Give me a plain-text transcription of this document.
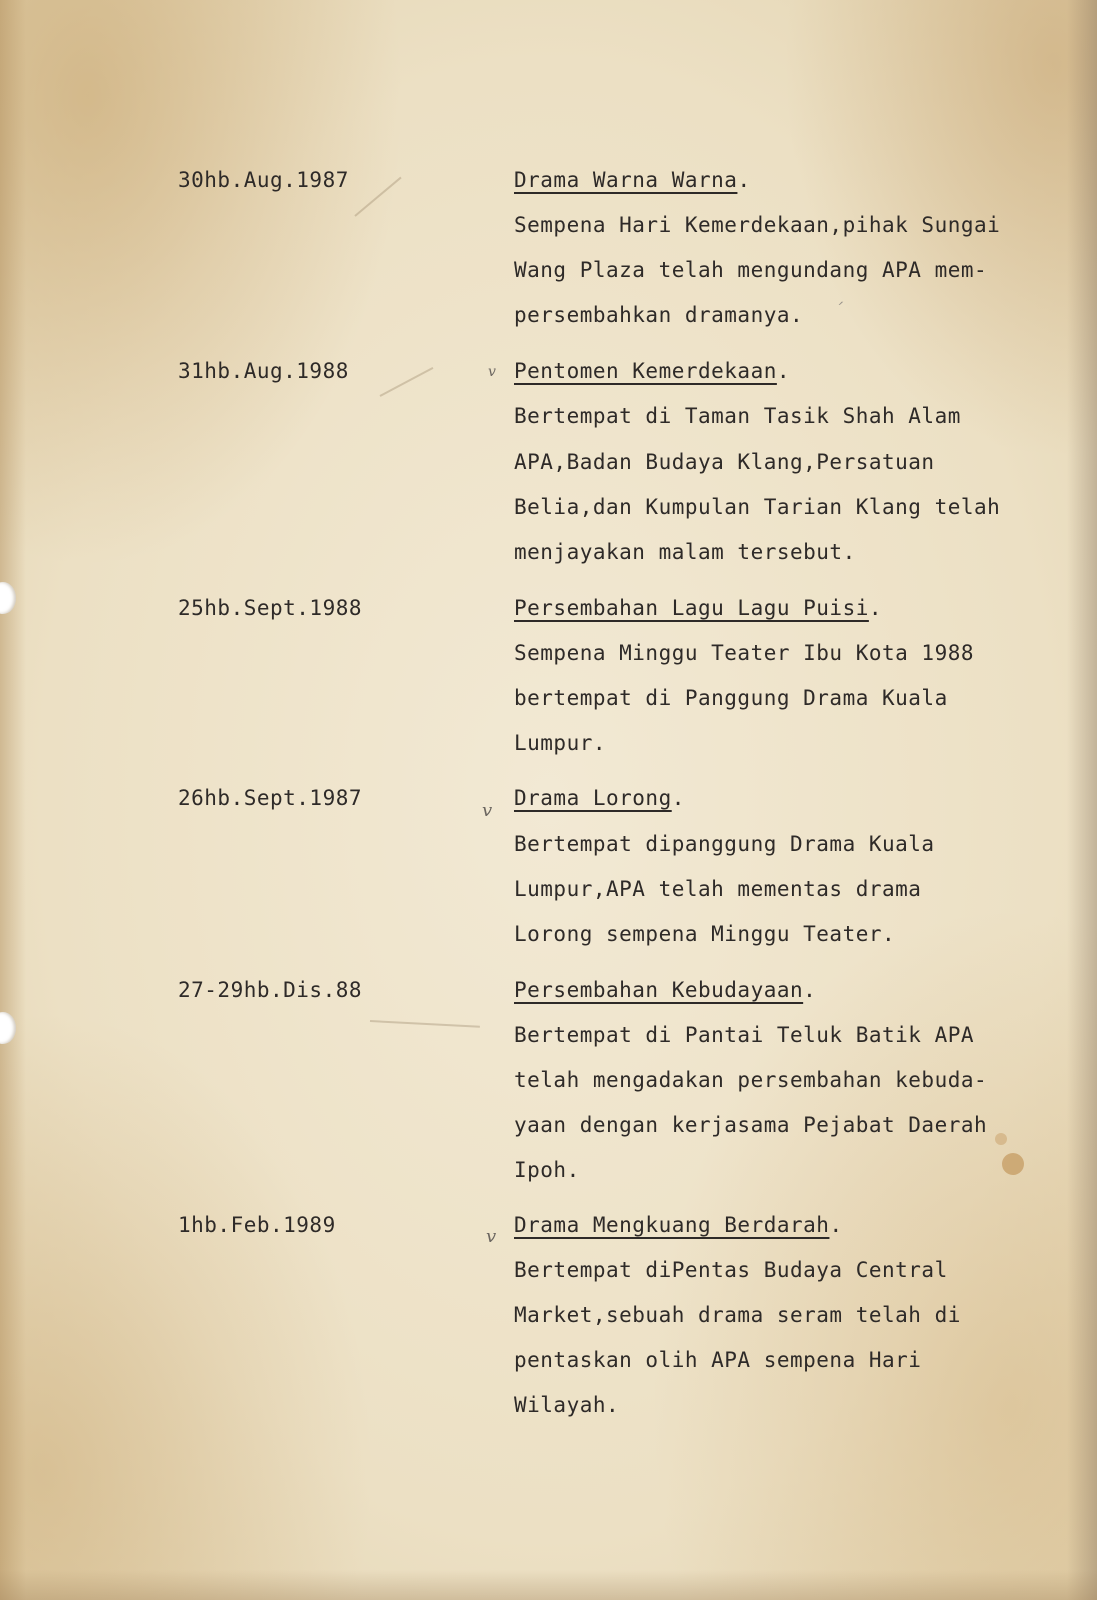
30hb.Aug.1987	Drama Warna Warna.
Sempena Hari Kemerdekaan,pihak Sungai
Wang Plaza telah mengundang APA mem-
persembahkan dramanya. ´
v
31hb.Aug.1988	Pentomen Kemerdekaan.
Bertempat di Taman Tasik Shah Alam
APA,Badan Budaya Klang,Persatuan
Belia,dan Kumpulan Tarian Klang telah
menjayakan malam tersebut.
25hb.Sept.1988	Persembahan Lagu Lagu Puisi.
Sempena Minggu Teater Ibu Kota 1988
bertempat di Panggung Drama Kuala
Lumpur.
v
26hb.Sept.1987	Drama Lorong.
Bertempat dipanggung Drama Kuala
Lumpur,APA telah mementas drama
Lorong sempena Minggu Teater.
27-29hb.Dis.88	Persembahan Kebudayaan.
Bertempat di Pantai Teluk Batik APA
telah mengadakan persembahan kebuda-
yaan dengan kerjasama Pejabat Daerah
Ipoh.
v
1hb.Feb.1989	Drama Mengkuang Berdarah.
Bertempat diPentas Budaya Central
Market,sebuah drama seram telah di
pentaskan olih APA sempena Hari
Wilayah.
